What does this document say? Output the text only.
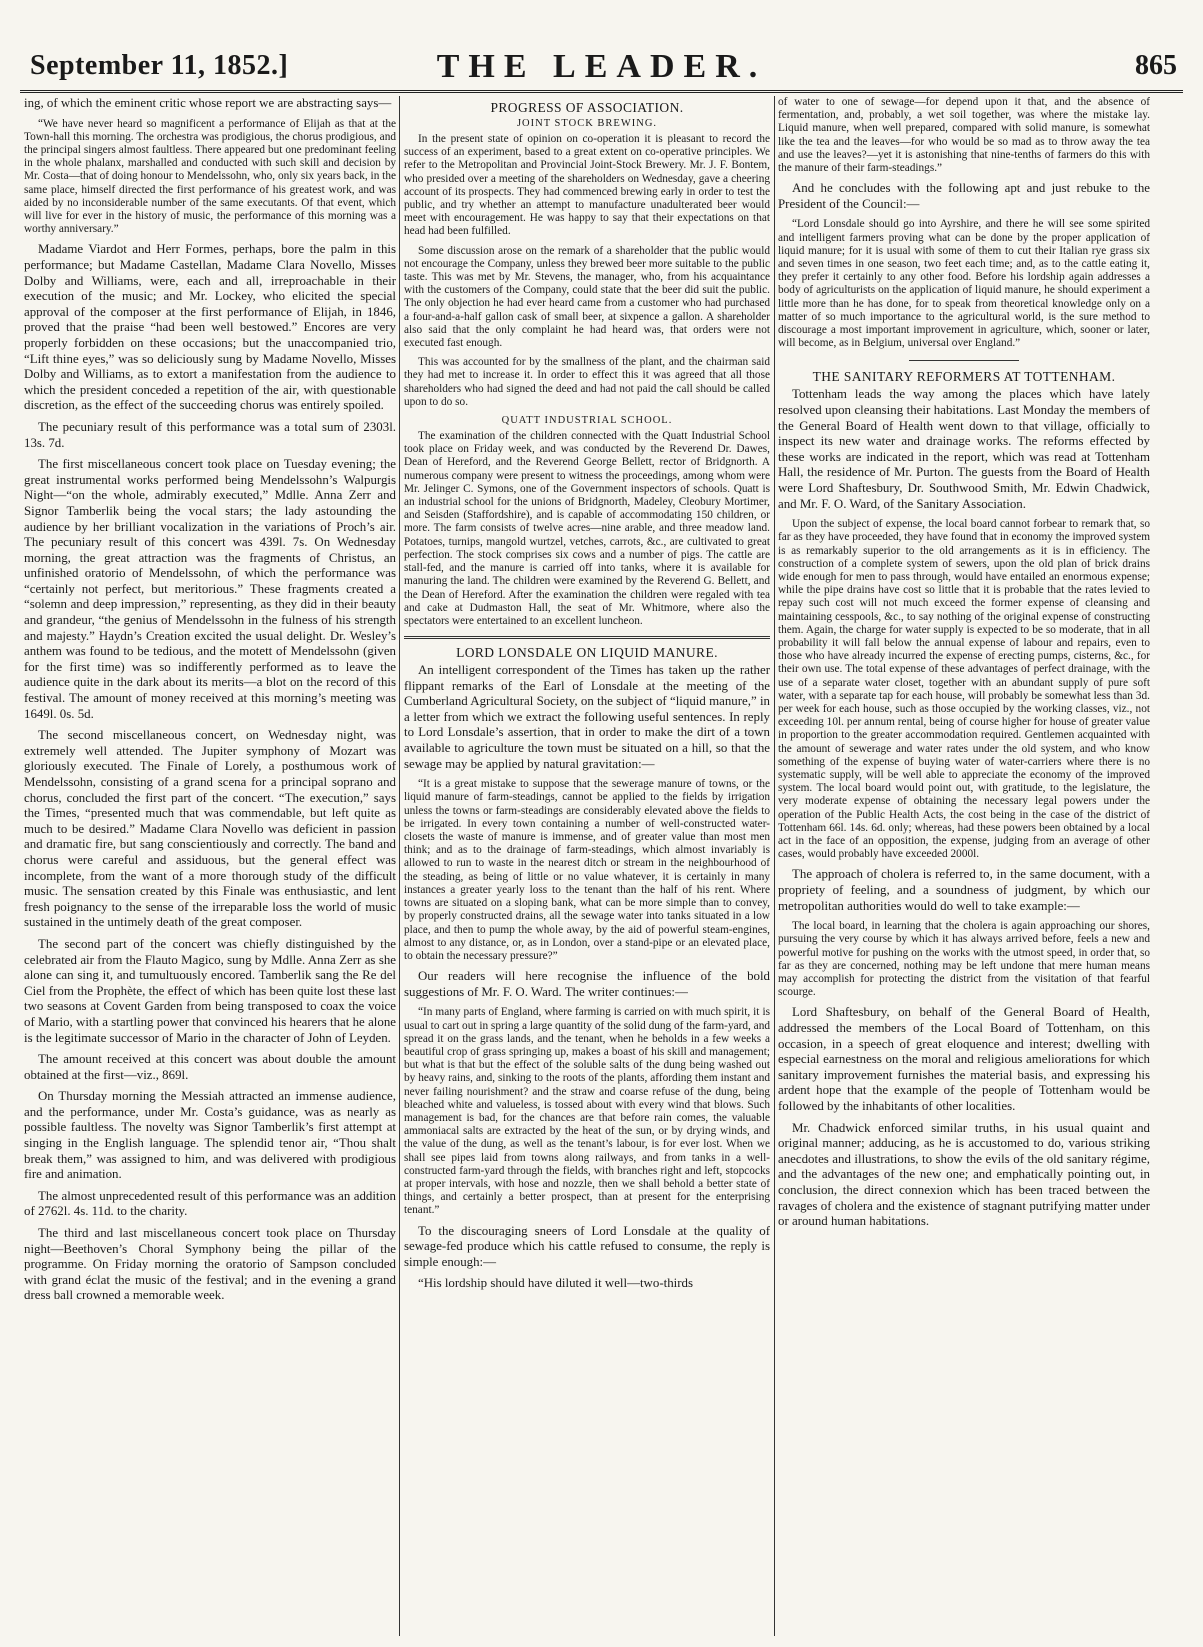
September 11, 1852.]	THE LEADER.	865

ing, of which the eminent critic whose report we are abstracting says—

“We have never heard so magnificent a performance of Elijah as that at the Town-hall this morning. The orchestra was prodigious, the chorus prodigious, and the principal singers almost faultless. There appeared but one predominant feeling in the whole phalanx, marshalled and conducted with such skill and decision by Mr. Costa—that of doing honour to Mendelssohn, who, only six years back, in the same place, himself directed the first performance of his greatest work, and was aided by no inconsiderable number of the same executants. Of that event, which will live for ever in the history of music, the performance of this morning was a worthy anniversary.”

Madame Viardot and Herr Formes, perhaps, bore the palm in this performance; but Madame Castellan, Madame Clara Novello, Misses Dolby and Williams, were, each and all, irreproachable in their execution of the music; and Mr. Lockey, who elicited the special approval of the composer at the first performance of Elijah, in 1846, proved that the praise “had been well bestowed.” Encores are very properly forbidden on these occasions; but the unaccompanied trio, “Lift thine eyes,” was so deliciously sung by Madame Novello, Misses Dolby and Williams, as to extort a manifestation from the audience to which the president conceded a repetition of the air, with questionable discretion, as the effect of the succeeding chorus was entirely spoiled.

The pecuniary result of this performance was a total sum of 2303l. 13s. 7d.

The first miscellaneous concert took place on Tuesday evening; the great instrumental works performed being Mendelssohn’s Walpurgis Night—“on the whole, admirably executed,” Mdlle. Anna Zerr and Signor Tamberlik being the vocal stars; the lady astounding the audience by her brilliant vocalization in the variations of Proch’s air. The pecuniary result of this concert was 439l. 7s. On Wednesday morning, the great attraction was the fragments of Christus, an unfinished oratorio of Mendelssohn, of which the performance was “certainly not perfect, but meritorious.” These fragments created a “solemn and deep impression,” representing, as they did in their beauty and grandeur, “the genius of Mendelssohn in the fulness of his strength and majesty.” Haydn’s Creation excited the usual delight. Dr. Wesley’s anthem was found to be tedious, and the motett of Mendelssohn (given for the first time) was so indifferently performed as to leave the audience quite in the dark about its merits—a blot on the record of this festival. The amount of money received at this morning’s meeting was 1649l. 0s. 5d.

The second miscellaneous concert, on Wednesday night, was extremely well attended. The Jupiter symphony of Mozart was gloriously executed. The Finale of Lorely, a posthumous work of Mendelssohn, consisting of a grand scena for a principal soprano and chorus, concluded the first part of the concert. “The execution,” says the Times, “presented much that was commendable, but left quite as much to be desired.” Madame Clara Novello was deficient in passion and dramatic fire, but sang conscientiously and correctly. The band and chorus were careful and assiduous, but the general effect was incomplete, from the want of a more thorough study of the difficult music. The sensation created by this Finale was enthusiastic, and lent fresh poignancy to the sense of the irreparable loss the world of music sustained in the untimely death of the great composer.

The second part of the concert was chiefly distinguished by the celebrated air from the Flauto Magico, sung by Mdlle. Anna Zerr as she alone can sing it, and tumultuously encored. Tamberlik sang the Re del Ciel from the Prophète, the effect of which has been quite lost these last two seasons at Covent Garden from being transposed to coax the voice of Mario, with a startling power that convinced his hearers that he alone is the legitimate successor of Mario in the character of John of Leyden.

The amount received at this concert was about double the amount obtained at the first—viz., 869l.

On Thursday morning the Messiah attracted an immense audience, and the performance, under Mr. Costa’s guidance, was as nearly as possible faultless. The novelty was Signor Tamberlik’s first attempt at singing in the English language. The splendid tenor air, “Thou shalt break them,” was assigned to him, and was delivered with prodigious fire and animation.

The almost unprecedented result of this performance was an addition of 2762l. 4s. 11d. to the charity.

The third and last miscellaneous concert took place on Thursday night—Beethoven’s Choral Symphony being the pillar of the programme. On Friday morning the oratorio of Sampson concluded with grand éclat the music of the festival; and in the evening a grand dress ball crowned a memorable week.

PROGRESS OF ASSOCIATION.
JOINT STOCK BREWING.

In the present state of opinion on co-operation it is pleasant to record the success of an experiment, based to a great extent on co-operative principles. We refer to the Metropolitan and Provincial Joint-Stock Brewery. Mr. J. F. Bontem, who presided over a meeting of the shareholders on Wednesday, gave a cheering account of its prospects. They had commenced brewing early in order to test the public, and try whether an attempt to manufacture unadulterated beer would meet with encouragement. He was happy to say that their expectations on that head had been fulfilled.

Some discussion arose on the remark of a shareholder that the public would not encourage the Company, unless they brewed beer more suitable to the public taste. This was met by Mr. Stevens, the manager, who, from his acquaintance with the customers of the Company, could state that the beer did suit the public. The only objection he had ever heard came from a customer who had purchased a four-and-a-half gallon cask of small beer, at sixpence a gallon. A shareholder also said that the only complaint he had heard was, that orders were not executed fast enough.

This was accounted for by the smallness of the plant, and the chairman said they had met to increase it. In order to effect this it was agreed that all those shareholders who had signed the deed and had not paid the call should be called upon to do so.

QUATT INDUSTRIAL SCHOOL.

The examination of the children connected with the Quatt Industrial School took place on Friday week, and was conducted by the Reverend Dr. Dawes, Dean of Hereford, and the Reverend George Bellett, rector of Bridgnorth. A numerous company were present to witness the proceedings, among whom were Mr. Jelinger C. Symons, one of the Government inspectors of schools. Quatt is an industrial school for the unions of Bridgnorth, Madeley, Cleobury Mortimer, and Seisden (Staffordshire), and is capable of accommodating 150 children, or more. The farm consists of twelve acres—nine arable, and three meadow land. Potatoes, turnips, mangold wurtzel, vetches, carrots, &c., are cultivated to great perfection. The stock comprises six cows and a number of pigs. The cattle are stall-fed, and the manure is carried off into tanks, where it is available for manuring the land. The children were examined by the Reverend G. Bellett, and the Dean of Hereford. After the examination the children were regaled with tea and cake at Dudmaston Hall, the seat of Mr. Whitmore, where also the spectators were entertained to an excellent luncheon.

LORD LONSDALE ON LIQUID MANURE.

An intelligent correspondent of the Times has taken up the rather flippant remarks of the Earl of Lonsdale at the meeting of the Cumberland Agricultural Society, on the subject of “liquid manure,” in a letter from which we extract the following useful sentences. In reply to Lord Lonsdale’s assertion, that in order to make the dirt of a town available to agriculture the town must be situated on a hill, so that the sewage may be applied by natural gravitation:—

“It is a great mistake to suppose that the sewerage manure of towns, or the liquid manure of farm-steadings, cannot be applied to the fields by irrigation unless the towns or farm-steadings are considerably elevated above the fields to be irrigated. In every town containing a number of well-constructed water-closets the waste of manure is immense, and of greater value than most men think; and as to the drainage of farm-steadings, which almost invariably is allowed to run to waste in the nearest ditch or stream in the neighbourhood of the steading, as being of little or no value whatever, it is certainly in many instances a greater yearly loss to the tenant than the half of his rent. Where towns are situated on a sloping bank, what can be more simple than to convey, by properly constructed drains, all the sewage water into tanks situated in a low place, and then to pump the whole away, by the aid of powerful steam-engines, almost to any distance, or, as in London, over a stand-pipe or an elevated place, to obtain the necessary pressure?”

Our readers will here recognise the influence of the bold suggestions of Mr. F. O. Ward. The writer continues:—

“In many parts of England, where farming is carried on with much spirit, it is usual to cart out in spring a large quantity of the solid dung of the farm-yard, and spread it on the grass lands, and the tenant, when he beholds in a few weeks a beautiful crop of grass springing up, makes a boast of his skill and management; but what is that but the effect of the soluble salts of the dung being washed out by heavy rains, and, sinking to the roots of the plants, affording them instant and never failing nourishment? and the straw and coarse refuse of the dung, being bleached white and valueless, is tossed about with every wind that blows. Such management is bad, for the chances are that before rain comes, the valuable ammoniacal salts are extracted by the heat of the sun, or by drying winds, and the value of the dung, as well as the tenant’s labour, is for ever lost. When we shall see pipes laid from towns along railways, and from tanks in a well-constructed farm-yard through the fields, with branches right and left, stopcocks at proper intervals, with hose and nozzle, then we shall behold a better state of things, and certainly a better prospect, than at present for the enterprising tenant.”

To the discouraging sneers of Lord Lonsdale at the quality of sewage-fed produce which his cattle refused to consume, the reply is simple enough:—

“His lordship should have diluted it well—two-thirds

of water to one of sewage—for depend upon it that, and the absence of fermentation, and, probably, a wet soil together, was where the mistake lay. Liquid manure, when well prepared, compared with solid manure, is somewhat like the tea and the leaves—for who would be so mad as to throw away the tea and use the leaves?—yet it is astonishing that nine-tenths of farmers do this with the manure of their farm-steadings.”

And he concludes with the following apt and just rebuke to the President of the Council:—

“Lord Lonsdale should go into Ayrshire, and there he will see some spirited and intelligent farmers proving what can be done by the proper application of liquid manure; for it is usual with some of them to cut their Italian rye grass six and seven times in one season, two feet each time; and, as to the cattle eating it, they prefer it certainly to any other food. Before his lordship again addresses a body of agriculturists on the application of liquid manure, he should experiment a little more than he has done, for to speak from theoretical knowledge only on a matter of so much importance to the agricultural world, is the sure method to discourage a most important improvement in agriculture, which, sooner or later, will become, as in Belgium, universal over England.”

THE SANITARY REFORMERS AT TOTTENHAM.

Tottenham leads the way among the places which have lately resolved upon cleansing their habitations. Last Monday the members of the General Board of Health went down to that village, officially to inspect its new water and drainage works. The reforms effected by these works are indicated in the report, which was read at Tottenham Hall, the residence of Mr. Purton. The guests from the Board of Health were Lord Shaftesbury, Dr. Southwood Smith, Mr. Edwin Chadwick, and Mr. F. O. Ward, of the Sanitary Association.

Upon the subject of expense, the local board cannot forbear to remark that, so far as they have proceeded, they have found that in economy the improved system is as remarkably superior to the old arrangements as it is in efficiency. The construction of a complete system of sewers, upon the old plan of brick drains wide enough for men to pass through, would have entailed an enormous expense; while the pipe drains have cost so little that it is probable that the rates levied to repay such cost will not much exceed the former expense of cleansing and maintaining cesspools, &c., to say nothing of the original expense of constructing them. Again, the charge for water supply is expected to be so moderate, that in all probability it will fall below the annual expense of labour and repairs, even to those who have already incurred the expense of erecting pumps, cisterns, &c., for their own use. The total expense of these advantages of perfect drainage, with the use of a separate water closet, together with an abundant supply of pure soft water, with a separate tap for each house, will probably be somewhat less than 3d. per week for each house, such as those occupied by the working classes, viz., not exceeding 10l. per annum rental, being of course higher for house of greater value in proportion to the greater accommodation required. Gentlemen acquainted with the amount of sewerage and water rates under the old system, and who know something of the expense of buying water of water-carriers where there is no systematic supply, will be well able to appreciate the economy of the improved system. The local board would point out, with gratitude, to the legislature, the very moderate expense of obtaining the necessary legal powers under the operation of the Public Health Acts, the cost being in the case of the district of Tottenham 66l. 14s. 6d. only; whereas, had these powers been obtained by a local act in the face of an opposition, the expense, judging from an average of other cases, would probably have exceeded 2000l.

The approach of cholera is referred to, in the same document, with a propriety of feeling, and a soundness of judgment, by which our metropolitan authorities would do well to take example:—

The local board, in learning that the cholera is again approaching our shores, pursuing the very course by which it has always arrived before, feels a new and powerful motive for pushing on the works with the utmost speed, in order that, so far as they are concerned, nothing may be left undone that mere human means may accomplish for protecting the district from the visitation of that fearful scourge.

Lord Shaftesbury, on behalf of the General Board of Health, addressed the members of the Local Board of Tottenham, on this occasion, in a speech of great eloquence and interest; dwelling with especial earnestness on the moral and religious ameliorations for which sanitary improvement furnishes the material basis, and expressing his ardent hope that the example of the people of Tottenham would be followed by the inhabitants of other localities.

Mr. Chadwick enforced similar truths, in his usual quaint and original manner; adducing, as he is accustomed to do, various striking anecdotes and illustrations, to show the evils of the old sanitary régime, and the advantages of the new one; and emphatically pointing out, in conclusion, the direct connexion which has been traced between the ravages of cholera and the existence of stagnant putrifying matter under or around human habitations.
